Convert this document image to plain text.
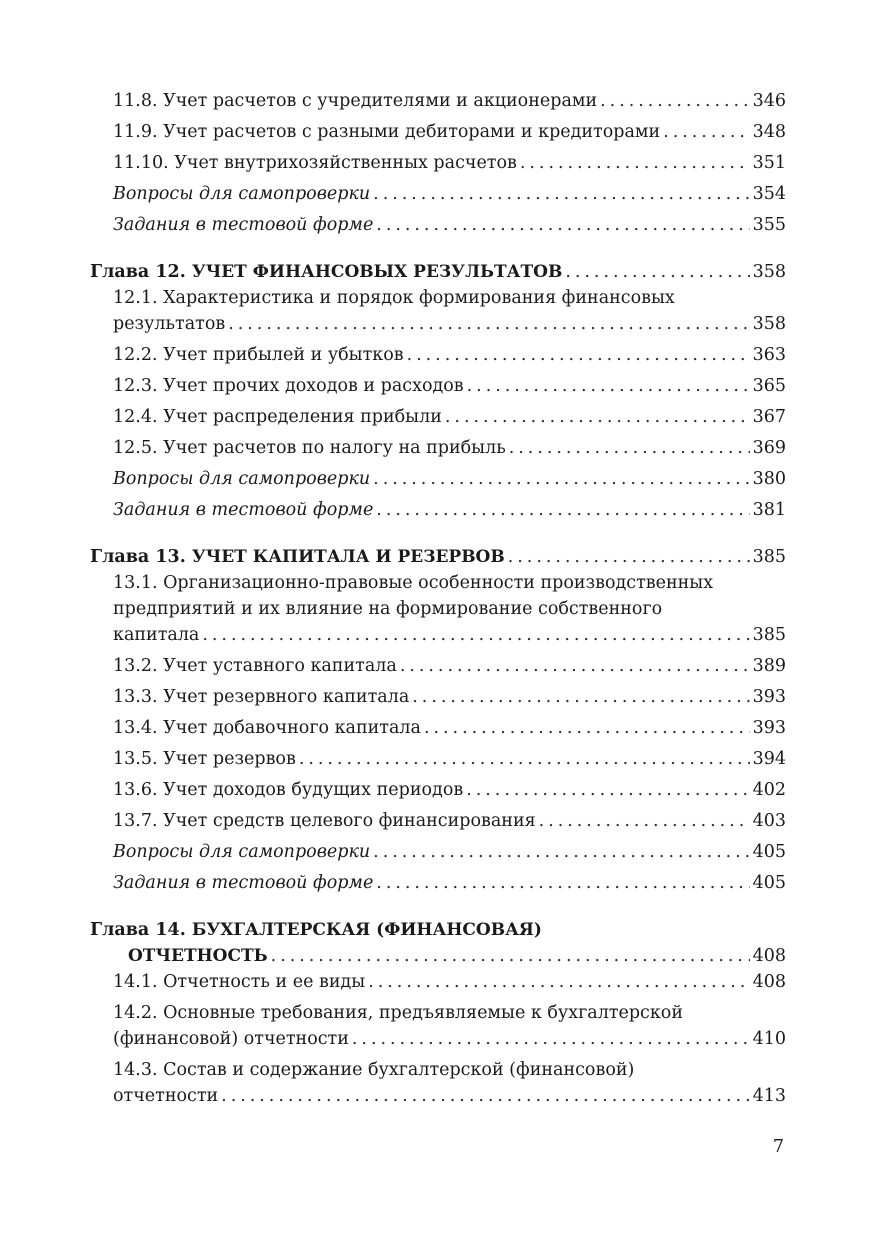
11.8. Учет расчетов с учредителями и акционерами . . .	346
11.9. Учет расчетов с разными дебиторами и кредиторами . . .	348
11.10. Учет внутрихозяйственных расчетов . . .	351
Вопросы для самопроверки . . .	354
Задания в тестовой форме . . .	355
Глава 12. УЧЕТ ФИНАНСОВЫХ РЕЗУЛЬТАТОВ . . .	358
12.1. Характеристика и порядок формирования финансовых
результатов . . .	358
12.2. Учет прибылей и убытков . . .	363
12.3. Учет прочих доходов и расходов . . .	365
12.4. Учет распределения прибыли . . .	367
12.5. Учет расчетов по налогу на прибыль . . .	369
Вопросы для самопроверки . . .	380
Задания в тестовой форме . . .	381
Глава 13. УЧЕТ КАПИТАЛА И РЕЗЕРВОВ . . .	385
13.1. Организационно-правовые особенности производственных
предприятий и их влияние на формирование собственного
капитала . . .	385
13.2. Учет уставного капитала . . .	389
13.3. Учет резервного капитала . . .	393
13.4. Учет добавочного капитала . . .	393
13.5. Учет резервов . . .	394
13.6. Учет доходов будущих периодов . . .	402
13.7. Учет средств целевого финансирования . . .	403
Вопросы для самопроверки . . .	405
Задания в тестовой форме . . .	405
Глава 14. БУХГАЛТЕРСКАЯ (ФИНАНСОВАЯ)
ОТЧЕТНОСТЬ . . .	408
14.1. Отчетность и ее виды . . .	408
14.2. Основные требования, предъявляемые к бухгалтерской
(финансовой) отчетности . . .	410
14.3. Состав и содержание бухгалтерской (финансовой)
отчетности . . .	413
7
